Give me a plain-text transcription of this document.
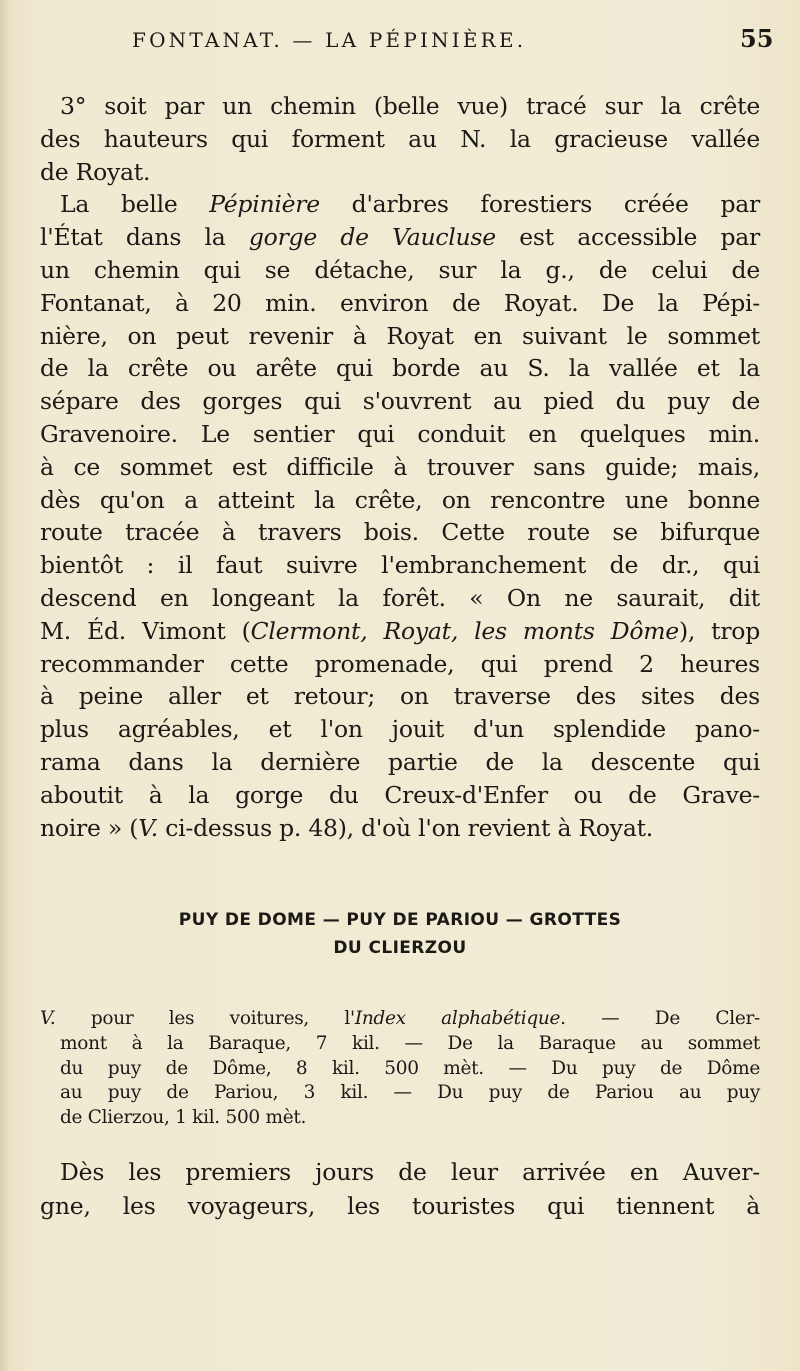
FONTANAT. — LA PÉPINIÈRE.	55
3° soit par un chemin (belle vue) tracé sur la crête
des hauteurs qui forment au N. la gracieuse vallée
de Royat.
La belle Pépinière d'arbres forestiers créée par
l'État dans la gorge de Vaucluse est accessible par
un chemin qui se détache, sur la g., de celui de
Fontanat, à 20 min. environ de Royat. De la Pépi-
nière, on peut revenir à Royat en suivant le sommet
de la crête ou arête qui borde au S. la vallée et la
sépare des gorges qui s'ouvrent au pied du puy de
Gravenoire. Le sentier qui conduit en quelques min.
à ce sommet est difficile à trouver sans guide; mais,
dès qu'on a atteint la crête, on rencontre une bonne
route tracée à travers bois. Cette route se bifurque
bientôt : il faut suivre l'embranchement de dr., qui
descend en longeant la forêt. « On ne saurait, dit
M. Éd. Vimont (Clermont, Royat, les monts Dôme), trop
recommander cette promenade, qui prend 2 heures
à peine aller et retour; on traverse des sites des
plus agréables, et l'on jouit d'un splendide pano-
rama dans la dernière partie de la descente qui
aboutit à la gorge du Creux-d'Enfer ou de Grave-
noire » (V. ci-dessus p. 48), d'où l'on revient à Royat.
PUY DE DOME — PUY DE PARIOU — GROTTES
DU CLIERZOU
V. pour les voitures, l'Index alphabétique. — De Cler-
mont à la Baraque, 7 kil. — De la Baraque au sommet
du puy de Dôme, 8 kil. 500 mèt. — Du puy de Dôme
au puy de Pariou, 3 kil. — Du puy de Pariou au puy
de Clierzou, 1 kil. 500 mèt.
Dès les premiers jours de leur arrivée en Auver-
gne, les voyageurs, les touristes qui tiennent à
